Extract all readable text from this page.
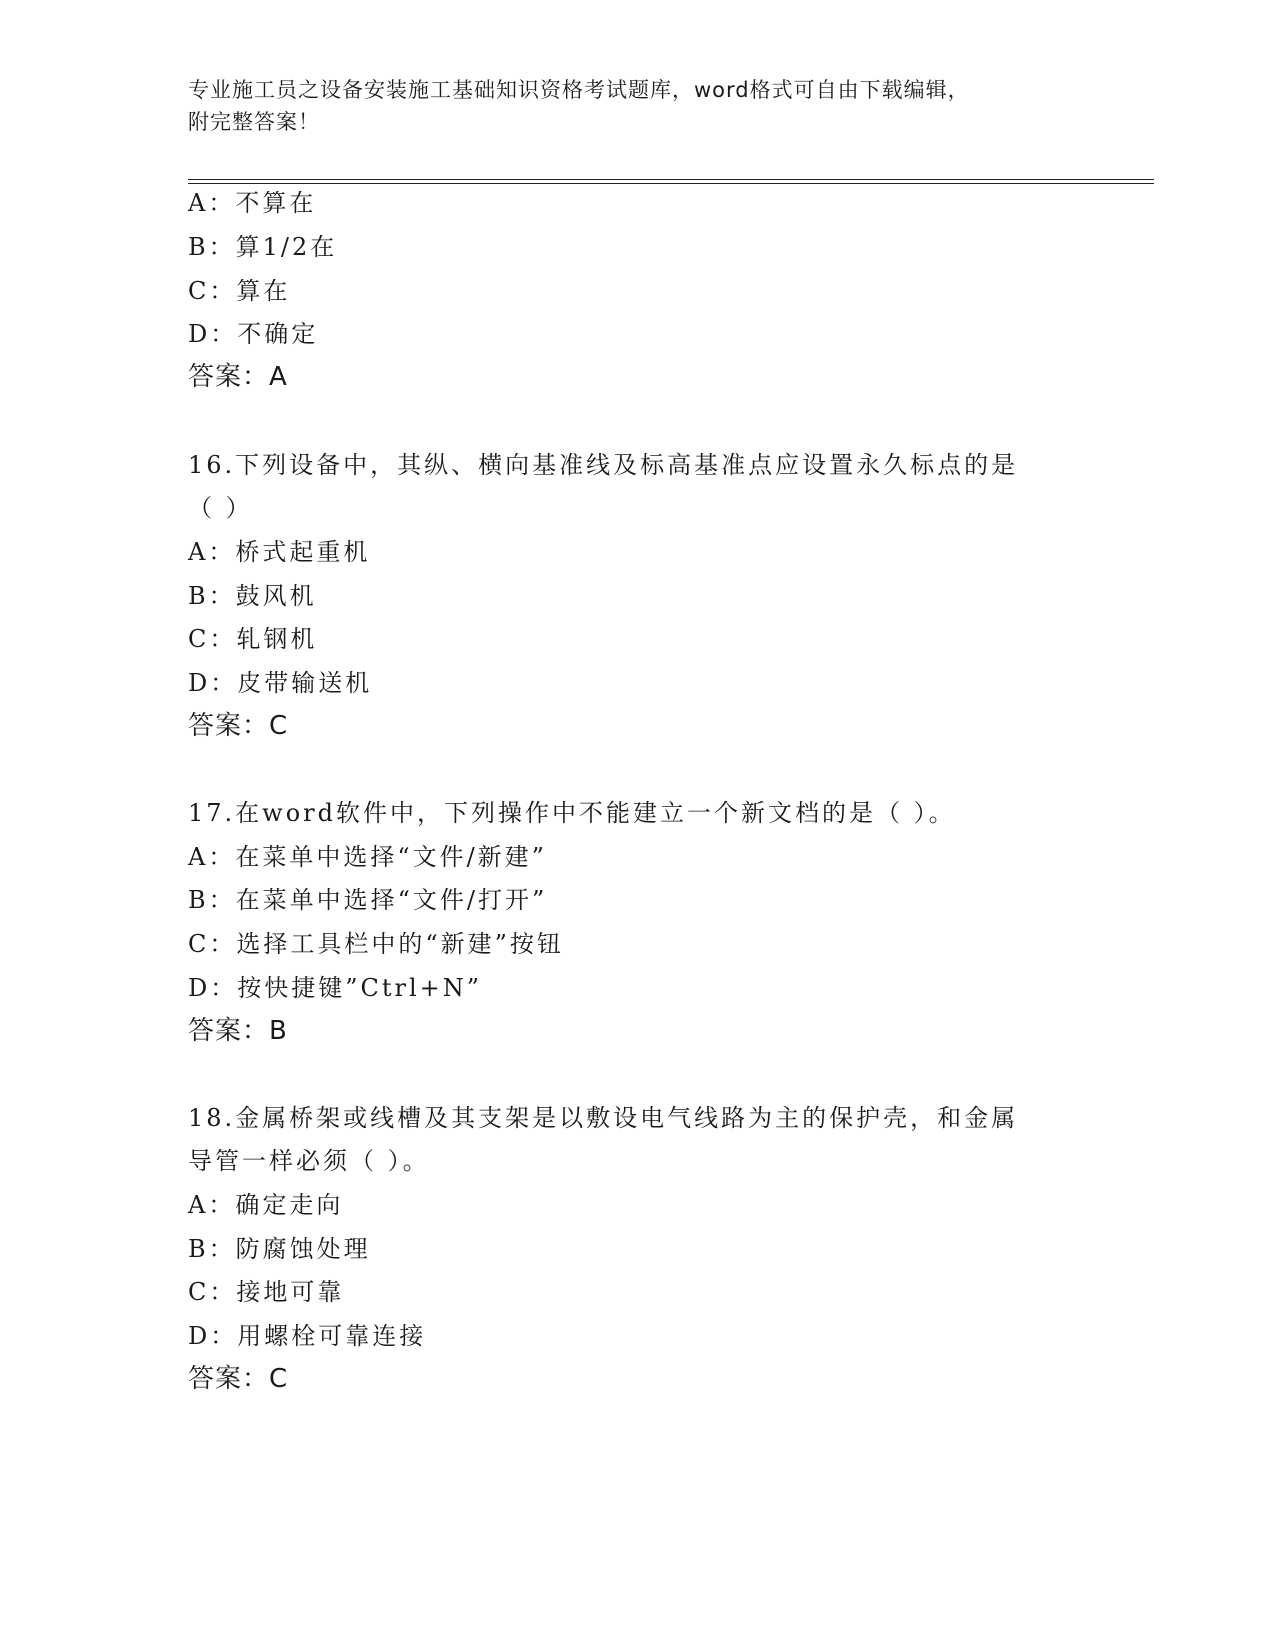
专业施工员之设备安装施工基础知识资格考试题库，word格式可自由下载编辑，
附完整答案！
A：不算在
B：算1/2在
C：算在
D：不确定
答案：A
16.下列设备中，其纵、横向基准线及标高基准点应设置永久标点的是
（ ）
A：桥式起重机
B：鼓风机
C：轧钢机
D：皮带输送机
答案：C
17.在word软件中，下列操作中不能建立一个新文档的是（ ）。
A：在菜单中选择“文件/新建”
B：在菜单中选择“文件/打开”
C：选择工具栏中的“新建”按钮
D：按快捷键”Ctrl+N”
答案：B
18.金属桥架或线槽及其支架是以敷设电气线路为主的保护壳，和金属
导管一样必须（ ）。
A：确定走向
B：防腐蚀处理
C：接地可靠
D：用螺栓可靠连接
答案：C
